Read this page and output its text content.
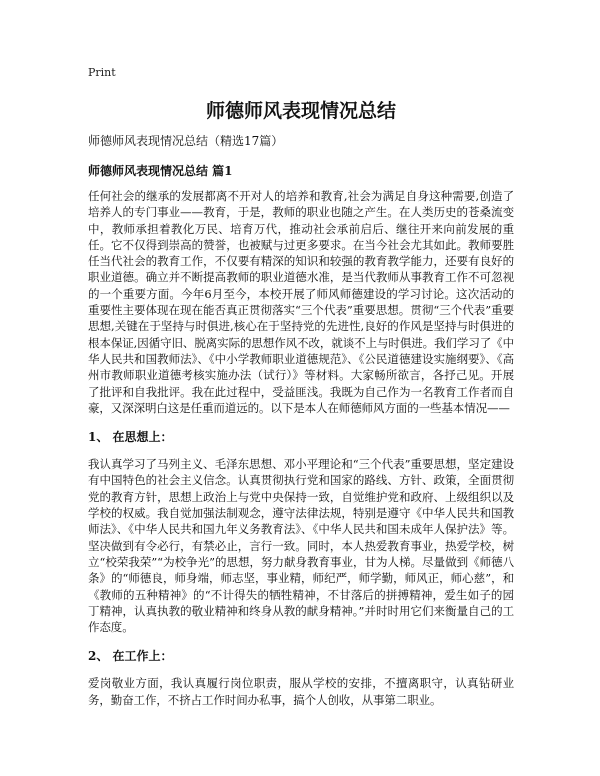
Print
师德师风表现情况总结
师德师风表现情况总结（精选17篇）
师德师风表现情况总结 篇1

任何社会的继承的发展都离不开对人的培养和教育,社会为满足自身这种需要,创造了培养人的专门事业——教育，于是，教师的职业也随之产生。在人类历史的苍桑流变中，教师承担着教化万民、培育万代，推动社会承前启后、继往开来向前发展的重任。它不仅得到崇高的赞誉，也被赋与过更多要求。在当今社会尤其如此。教师要胜任当代社会的教育工作，不仅要有精深的知识和较强的教育教学能力，还要有良好的职业道德。确立并不断提高教师的职业道德水准，是当代教师从事教育工作不可忽视的一个重要方面。今年6月至今，本校开展了师风师德建设的学习讨论。这次活动的重要性主要体现在现在能否真正贯彻落实“三个代表”重要思想。贯彻“三个代表”重要思想,关键在于坚持与时俱进,核心在于坚持党的先进性,良好的作风是坚持与时俱进的根本保证,因循守旧、脱离实际的思想作风不改，就谈不上与时俱进。我们学习了《中华人民共和国教师法》、《中小学教师职业道德规范》、《公民道德建设实施纲要》、《高州市教师职业道德考核实施办法（试行）》等材料。大家畅所欲言，各抒己见。开展了批评和自我批评。我在此过程中，受益匪浅。我既为自己作为一名教育工作者而自豪，又深深明白这是任重而道远的。以下是本人在师德师风方面的一些基本情况——

1、 在思想上：

我认真学习了马列主义、毛泽东思想、邓小平理论和“三个代表”重要思想，坚定建设有中国特色的社会主义信念。认真贯彻执行党和国家的路线、方针、政策，全面贯彻党的教育方针，思想上政治上与党中央保持一致，自觉维护党和政府、上级组织以及学校的权威。我自觉加强法制观念，遵守法律法规，特别是遵守《中华人民共和国教师法》、《中华人民共和国九年义务教育法》、《中华人民共和国未成年人保护法》等。坚决做到有令必行，有禁必止，言行一致。同时，本人热爱教育事业，热爱学校，树立“校荣我荣”“为校争光”的思想，努力献身教育事业，甘为人梯。尽量做到《师德八条》的“师德良，师身端，师志坚，事业精，师纪严，师学勤，师风正，师心慈”，和《教师的五种精神》的“不计得失的牺牲精神，不甘落后的拼搏精神，爱生如子的园丁精神，认真执教的敬业精神和终身从教的献身精神。”并时时用它们来衡量自己的工作态度。

2、 在工作上：

爱岗敬业方面，我认真履行岗位职责，服从学校的安排，不擅离职守，认真钻研业务，勤奋工作，不挤占工作时间办私事，搞个人创收，从事第二职业。
